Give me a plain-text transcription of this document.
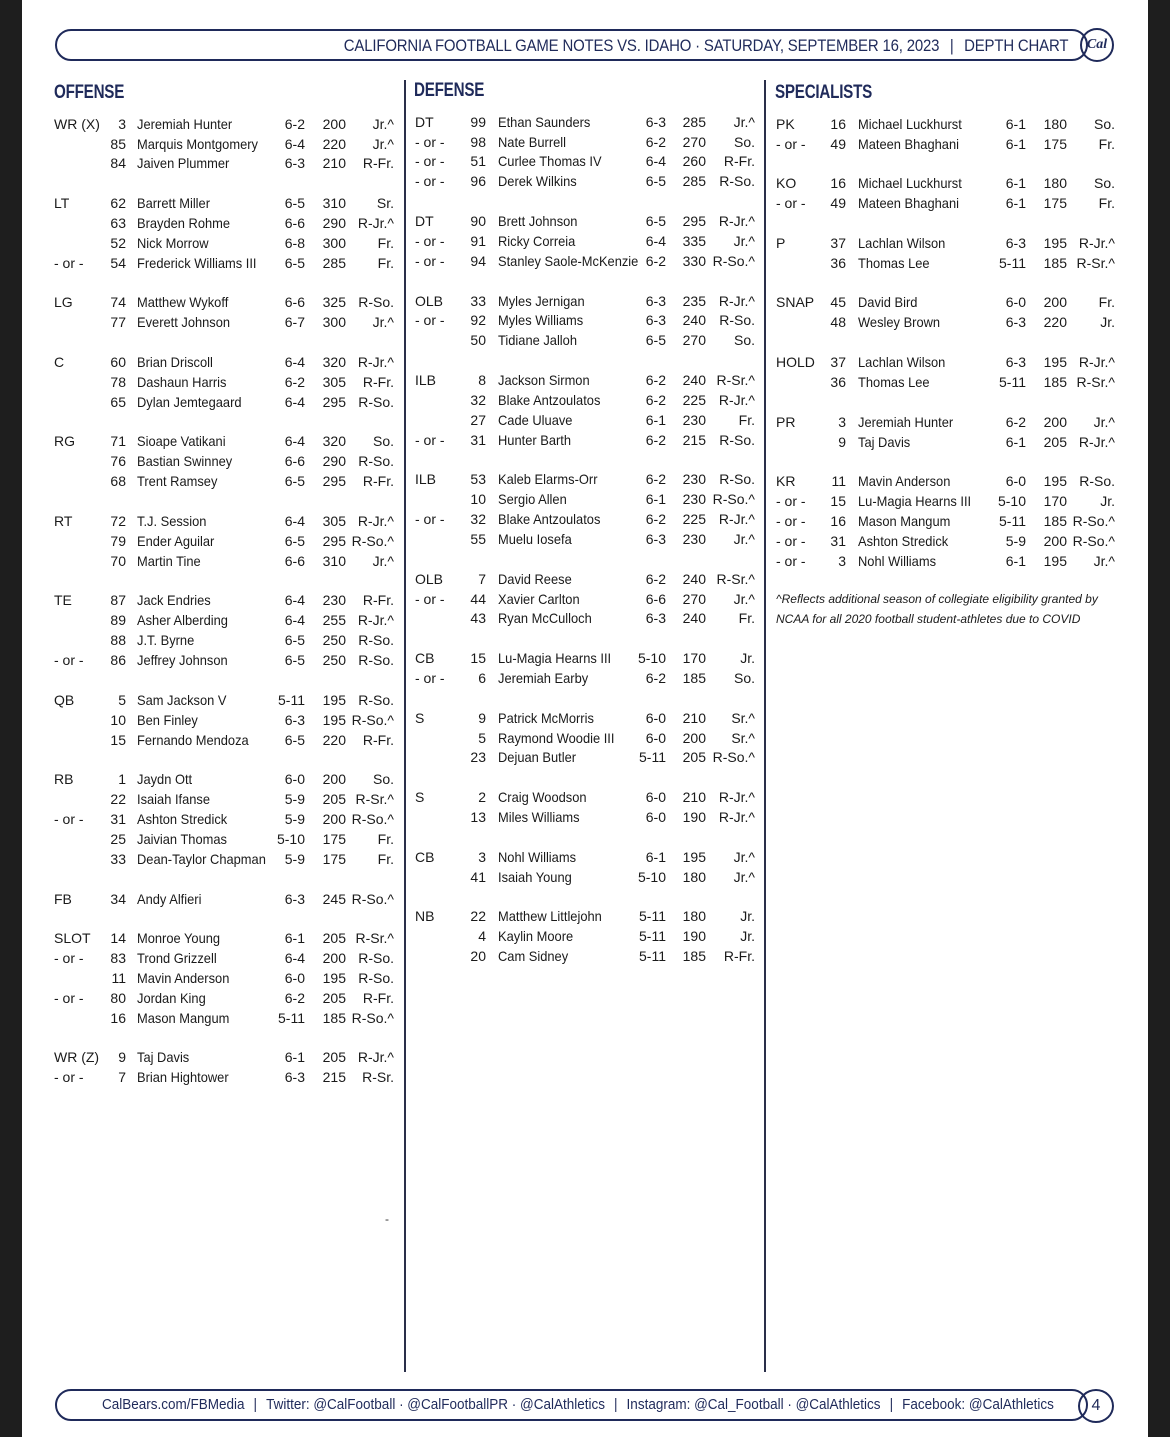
CALIFORNIA FOOTBALL GAME NOTES VS. IDAHO · SATURDAY, SEPTEMBER 16, 2023 | DEPTH CHART Cal
OFFENSE	DEFENSE	SPECIALISTS
WR (X) 3 Jeremiah Hunter	6-2 200 Jr.^
85 Marquis Montgomery 6-4 220 Jr.^
84 Jaiven Plummer	6-3 210 R-Fr.
LT	62 Barrett Miller	6-5 310 Sr.
63 Brayden Rohme	6-6 290 R-Jr.^
52 Nick Morrow	6-8 300 Fr.
- or - 54 Frederick Williams III 6-5 285 Fr.
LG	74 Matthew Wykoff	6-6 325 R-So.
77 Everett Johnson	6-7 300 Jr.^
C	60 Brian Driscoll	6-4 320 R-Jr.^
78 Dashaun Harris	6-2 305 R-Fr.
65 Dylan Jemtegaard	6-4 295 R-So.
RG	71 Sioape Vatikani	6-4 320 So.
76 Bastian Swinney	6-6 290 R-So.
68 Trent Ramsey	6-5 295 R-Fr.
RT	72 T.J. Session	6-4 305 R-Jr.^
79 Ender Aguilar	6-5 295 R-So.^
70 Martin Tine	6-6 310 Jr.^
TE	87 Jack Endries	6-4 230 R-Fr.
89 Asher Alberding	6-4 255 R-Jr.^
88 J.T. Byrne	6-5 250 R-So.
- or - 86 Jeffrey Johnson	6-5 250 R-So.
QB	5 Sam Jackson V	5-11 195 R-So.
10 Ben Finley	6-3 195 R-So.^
15 Fernando Mendoza	6-5 220 R-Fr.
RB	1 Jaydn Ott	6-0 200 So.
22 Isaiah Ifanse	5-9 205 R-Sr.^
- or - 31 Ashton Stredick	5-9 200 R-So.^
25 Jaivian Thomas	5-10 175 Fr.
33 Dean-Taylor Chapman 5-9 175 Fr.
FB	34 Andy Alfieri	6-3 245 R-So.^
SLOT 14 Monroe Young	6-1 205 R-Sr.^
- or - 83 Trond Grizzell	6-4 200 R-So.
11 Mavin Anderson	6-0 195 R-So.
- or - 80 Jordan King	6-2 205 R-Fr.
16 Mason Mangum	5-11 185 R-So.^
WR (Z) 9 Taj Davis	6-1 205 R-Jr.^
- or - 7 Brian Hightower	6-3 215 R-Sr.
DT	99 Ethan Saunders	6-3 285 Jr.^
- or - 98 Nate Burrell	6-2 270 So.
- or - 51 Curlee Thomas IV	6-4 260 R-Fr.
- or - 96 Derek Wilkins	6-5 285 R-So.
DT	90 Brett Johnson	6-5 295 R-Jr.^
- or - 91 Ricky Correia	6-4 335 Jr.^
- or - 94 Stanley Saole-McKenzie 6-2 330 R-So.^
OLB 33 Myles Jernigan	6-3 235 R-Jr.^
- or - 92 Myles Williams	6-3 240 R-So.
50 Tidiane Jalloh	6-5 270 So.
ILB	8 Jackson Sirmon	6-2 240 R-Sr.^
32 Blake Antzoulatos	6-2 225 R-Jr.^
27 Cade Uluave	6-1 230 Fr.
- or - 31 Hunter Barth	6-2 215 R-So.
ILB 53 Kaleb Elarms-Orr	6-2 230 R-So.
10 Sergio Allen	6-1 230 R-So.^
- or - 32 Blake Antzoulatos	6-2 225 R-Jr.^
55 Muelu Iosefa	6-3 230 Jr.^
OLB	7 David Reese	6-2 240 R-Sr.^
- or - 44 Xavier Carlton	6-6 270 Jr.^
43 Ryan McCulloch	6-3 240 Fr.
CB	15 Lu-Magia Hearns III 5-10 170 Jr.
- or - 6 Jeremiah Earby	6-2 185 So.
S	9 Patrick McMorris	6-0 210 Sr.^
5 Raymond Woodie III 6-0 200 Sr.^
23 Dejuan Butler	5-11 205 R-So.^
S	2 Craig Woodson	6-0 210 R-Jr.^
13 Miles Williams	6-0 190 R-Jr.^
CB	3 Nohl Williams	6-1 195 Jr.^
41 Isaiah Young	5-10 180 Jr.^
NB	22 Matthew Littlejohn	5-11 180 Jr.
4 Kaylin Moore	5-11 190 Jr.
20 Cam Sidney	5-11 185 R-Fr.
PK	16 Michael Luckhurst	6-1 180 So.
- or - 49 Mateen Bhaghani	6-1 175 Fr.
KO 16 Michael Luckhurst	6-1 180 So.
- or - 49 Mateen Bhaghani	6-1 175 Fr.
P	37 Lachlan Wilson	6-3 195 R-Jr.^
36 Thomas Lee	5-11 185 R-Sr.^
SNAP 45 David Bird	6-0 200 Fr.
48 Wesley Brown	6-3 220 Jr.
HOLD 37 Lachlan Wilson	6-3 195 R-Jr.^
36 Thomas Lee	5-11 185 R-Sr.^
PR	3 Jeremiah Hunter	6-2 200 Jr.^
9 Taj Davis	6-1 205 R-Jr.^
KR	11 Mavin Anderson	6-0 195 R-So.
- or - 15 Lu-Magia Hearns III 5-10 170 Jr.
- or - 16 Mason Mangum	5-11 185 R-So.^
- or - 31 Ashton Stredick	5-9 200 R-So.^
- or - 3 Nohl Williams	6-1 195 Jr.^
^Reflects additional season of collegiate eligibility granted by NCAA for all 2020 football student-athletes due to COVID
-
CalBears.com/FBMedia | Twitter: @CalFootball · @CalFootballPR · @CalAthletics | Instagram: @Cal_Football · @CalAthletics | Facebook: @CalAthletics	4
